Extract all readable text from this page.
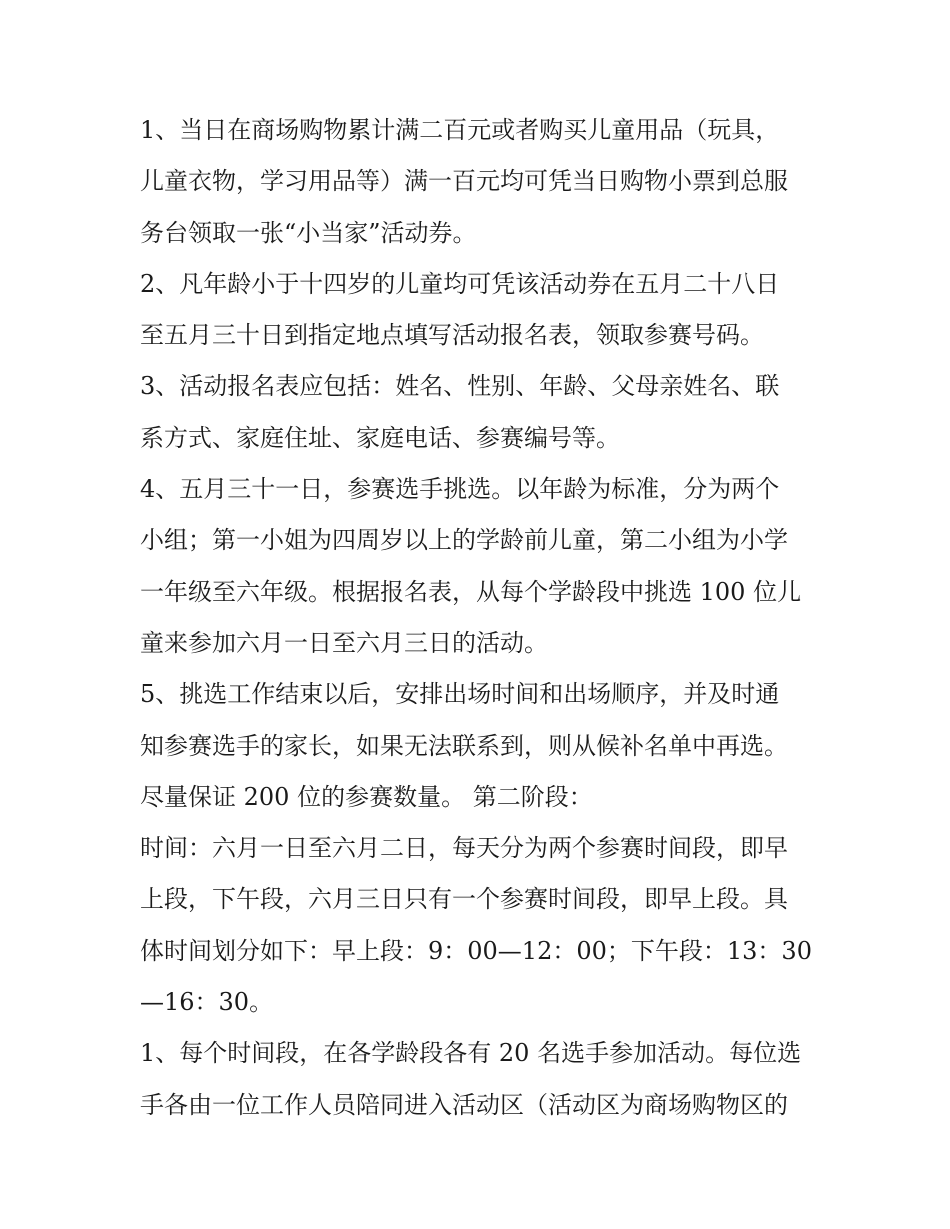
1、当日在商场购物累计满二百元或者购买儿童用品（玩具，
儿童衣物，学习用品等）满一百元均可凭当日购物小票到总服
务台领取一张“小当家”活动券。

2、凡年龄小于十四岁的儿童均可凭该活动券在五月二十八日
至五月三十日到指定地点填写活动报名表，领取参赛号码。

3、活动报名表应包括：姓名、性别、年龄、父母亲姓名、联
系方式、家庭住址、家庭电话、参赛编号等。

4、五月三十一日，参赛选手挑选。以年龄为标准，分为两个
小组；第一小姐为四周岁以上的学龄前儿童，第二小组为小学
一年级至六年级。根据报名表，从每个学龄段中挑选 100 位儿
童来参加六月一日至六月三日的活动。

5、挑选工作结束以后，安排出场时间和出场顺序，并及时通
知参赛选手的家长，如果无法联系到，则从候补名单中再选。
尽量保证 200 位的参赛数量。 第二阶段：

时间：六月一日至六月二日，每天分为两个参赛时间段，即早
上段，下午段，六月三日只有一个参赛时间段，即早上段。具
体时间划分如下：早上段：9：00—12：00；下午段：13：30
—16：30。

1、每个时间段，在各学龄段各有 20 名选手参加活动。每位选
手各由一位工作人员陪同进入活动区（活动区为商场购物区的
